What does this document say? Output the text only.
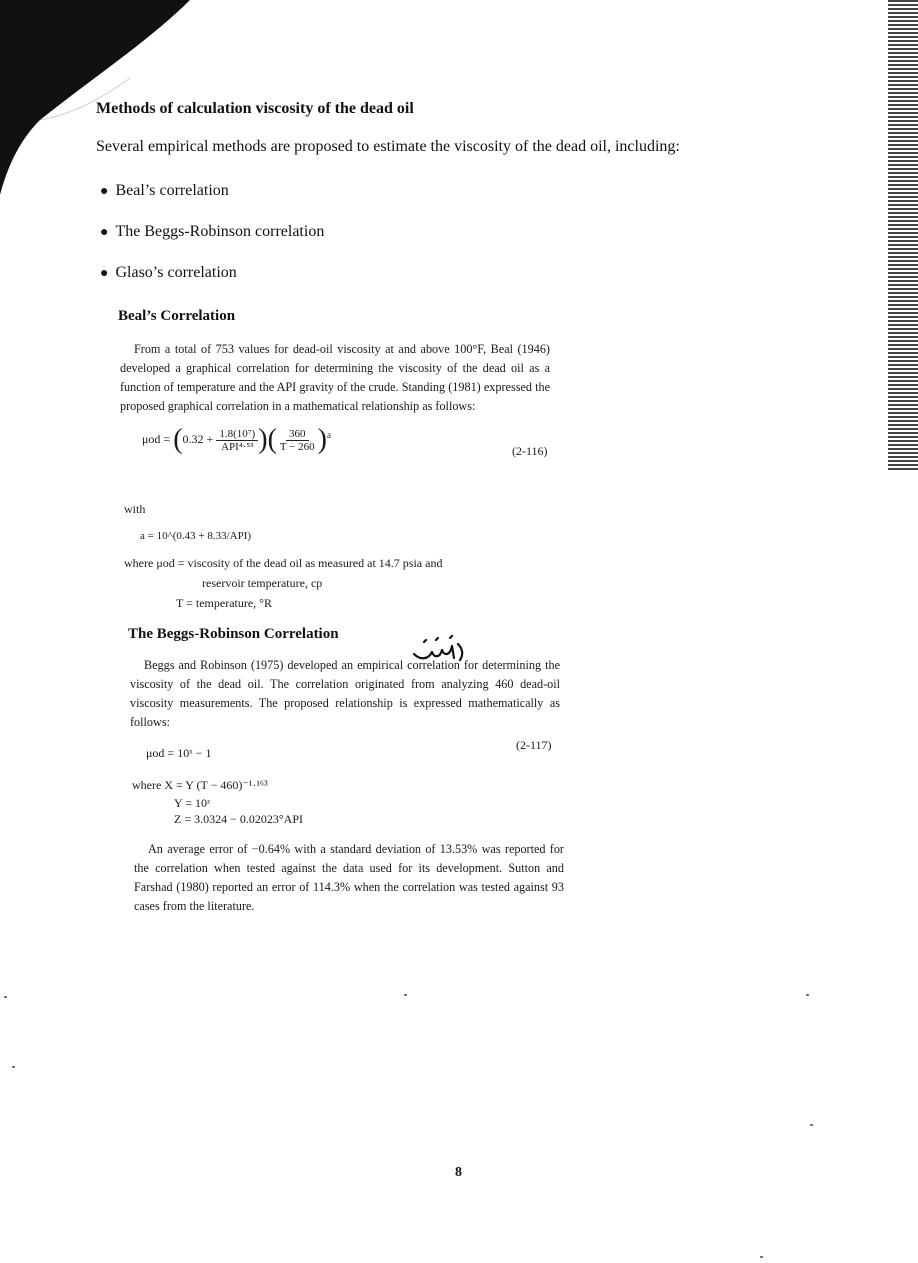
Methods of calculation viscosity of the dead oil
Several empirical methods are proposed to estimate the viscosity of the dead oil, including:
● Beal’s correlation
● The Beggs-Robinson correlation
● Glaso’s correlation
Beal’s Correlation
From a total of 753 values for dead-oil viscosity at and above 100°F, Beal (1946) developed a graphical correlation for determining the viscosity of the dead oil as a function of temperature and the API gravity of the crude. Standing (1981) expressed the proposed graphical correlation in a mathematical relationship as follows:
$\mu od = (0.32 + \frac{\text{1.8(10⁷)}}{\text{API⁴·⁵³}}$ )( $\frac{360}{T - 260} )^a$
(2-116)
with
a = 10^(0.43 + 8.33/API)
where μod = viscosity of the dead oil as measured at 14.7 psia and
reservoir temperature, cp
T = temperature, °R
The Beggs-Robinson Correlation
Beggs and Robinson (1975) developed an empirical correlation for determining the viscosity of the dead oil. The correlation originated from analyzing 460 dead-oil viscosity measurements. The proposed relationship is expressed mathematically as follows:
μod = 10ˣ − 1
(2-117)
where X = Y (T − 460)⁻¹·¹⁶³
Y = 10ᶻ
Z = 3.0324 − 0.02023°API
An average error of −0.64% with a standard deviation of 13.53% was reported for the correlation when tested against the data used for its development. Sutton and Farshad (1980) reported an error of 114.3% when the correlation was tested against 93 cases from the literature.
8
